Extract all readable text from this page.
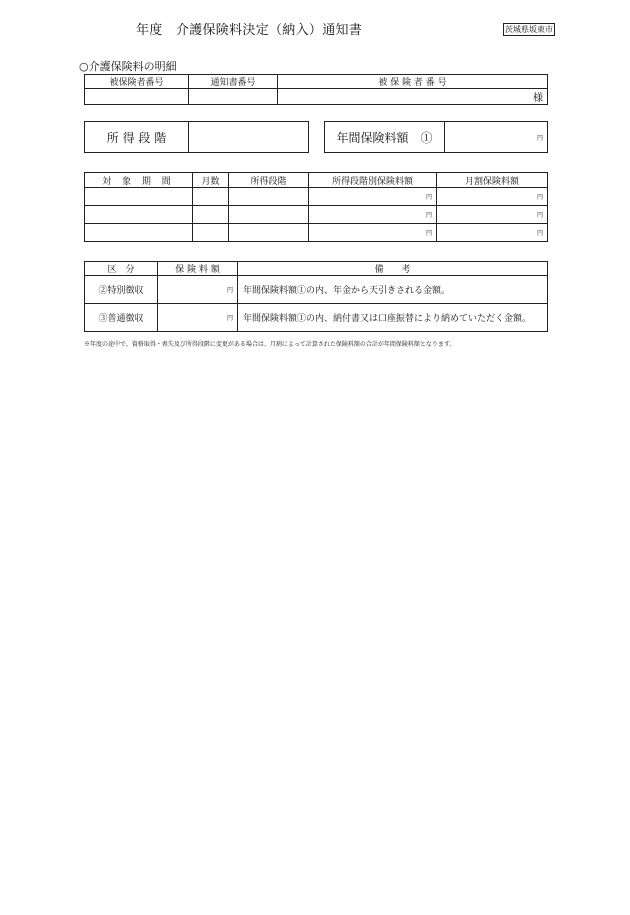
年度　介護保険料決定（納入）通知書	茨城県坂東市
○介護保険料の明細
被保険者番号	通知書番号	被 保 険 者 番 号
		様
所 得 段 階		年間保険料額　①	円
対 象 期 間	月数	所得段階	所得段階別保険料額	月割保険料額
			円	円
			円	円
			円	円
区　分	保 険 料 額	備　　考
②特別徴収	円	年間保険料額①の内、年金から天引きされる金額。
③普通徴収	円	年間保険料額①の内、納付書又は口座振替により納めていただく金額。
※年度の途中で、資格取得・喪失及び所得段階に変更がある場合は、月割によって計算された保険料額の合計が年間保険料額となります。
